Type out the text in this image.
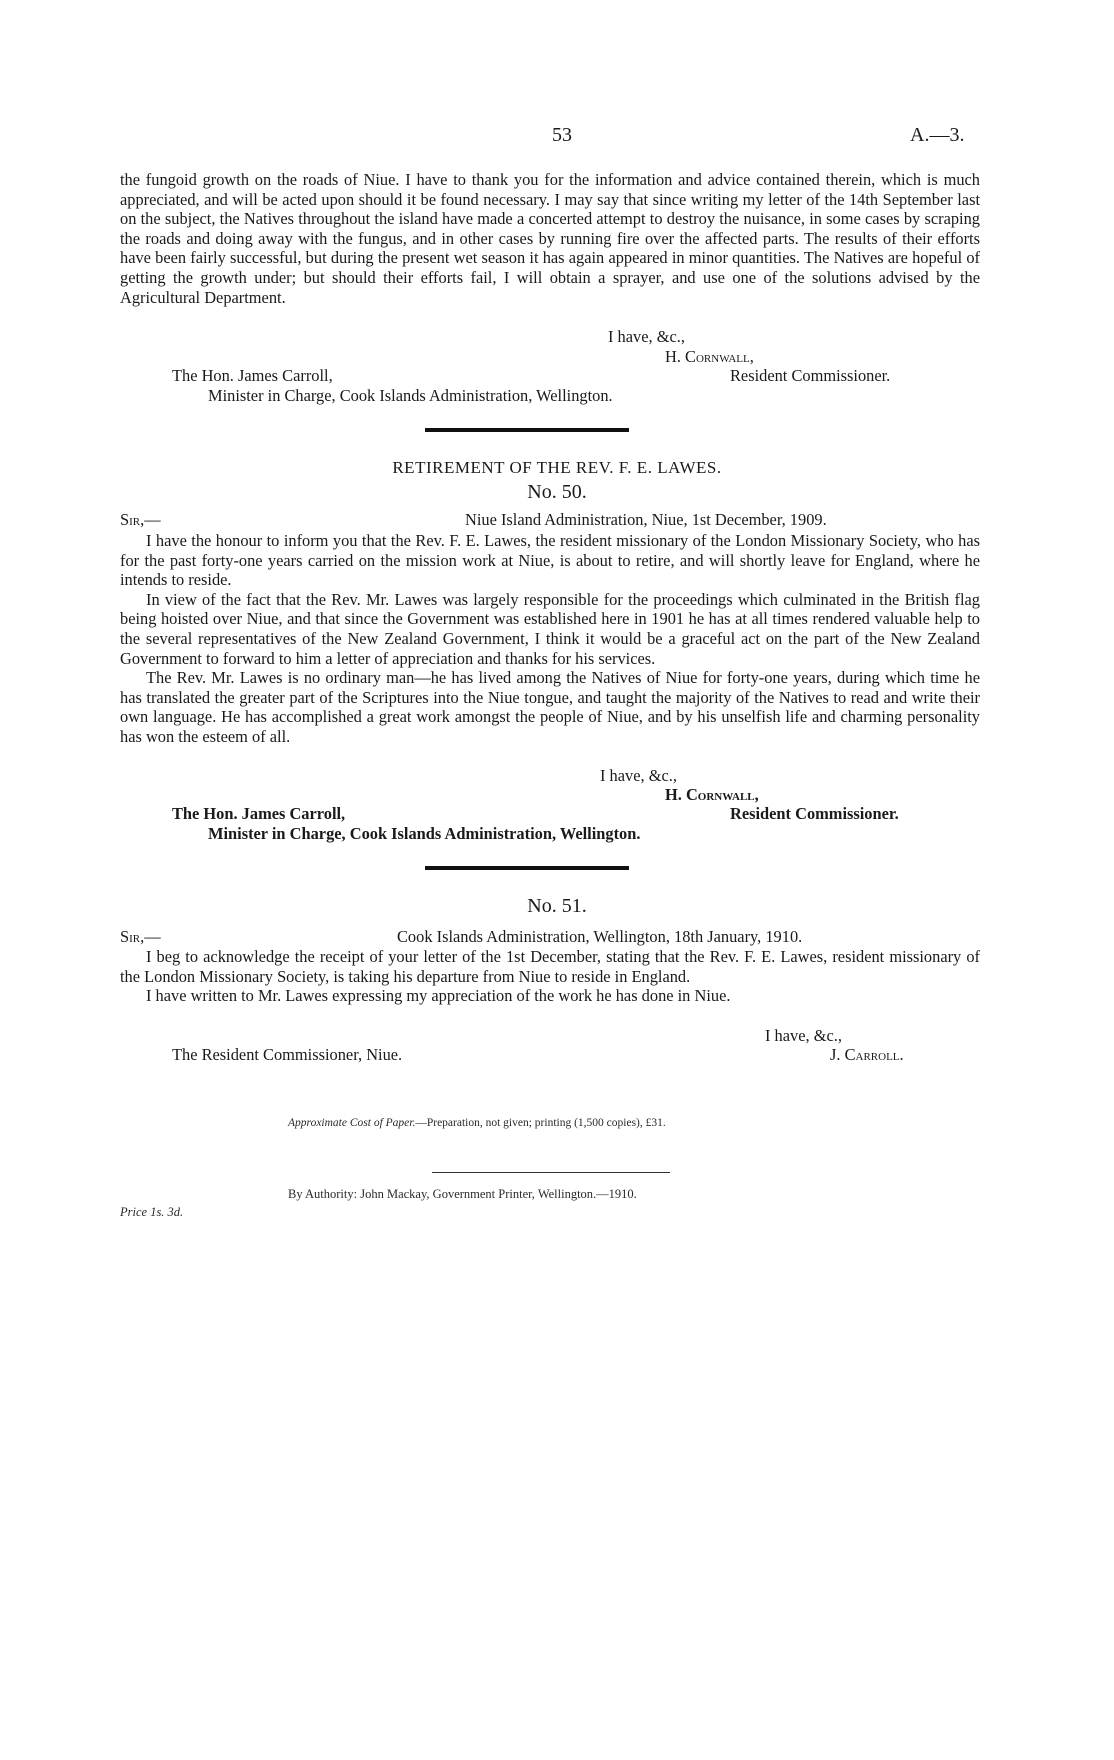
53	A.—3.

the fungoid growth on the roads of Niue. I have to thank you for the information and advice contained therein, which is much appreciated, and will be acted upon should it be found necessary. I may say that since writing my letter of the 14th September last on the subject, the Natives throughout the island have made a concerted attempt to destroy the nuisance, in some cases by scraping the roads and doing away with the fungus, and in other cases by running fire over the affected parts. The results of their efforts have been fairly successful, but during the present wet season it has again appeared in minor quantities. The Natives are hopeful of getting the growth under; but should their efforts fail, I will obtain a sprayer, and use one of the solutions advised by the Agricultural Department.

I have, &c.,
H. Cornwall,
The Hon. James Carroll,	Resident Commissioner.
Minister in Charge, Cook Islands Administration, Wellington.
RETIREMENT OF THE REV. F. E. LAWES.
No. 50.
Sir,—	Niue Island Administration, Niue, 1st December, 1909.

I have the honour to inform you that the Rev. F. E. Lawes, the resident missionary of the London Missionary Society, who has for the past forty-one years carried on the mission work at Niue, is about to retire, and will shortly leave for England, where he intends to reside.

In view of the fact that the Rev. Mr. Lawes was largely responsible for the proceedings which culminated in the British flag being hoisted over Niue, and that since the Government was established here in 1901 he has at all times rendered valuable help to the several representatives of the New Zealand Government, I think it would be a graceful act on the part of the New Zealand Government to forward to him a letter of appreciation and thanks for his services.

The Rev. Mr. Lawes is no ordinary man—he has lived among the Natives of Niue for forty-one years, during which time he has translated the greater part of the Scriptures into the Niue tongue, and taught the majority of the Natives to read and write their own language. He has accomplished a great work amongst the people of Niue, and by his unselfish life and charming personality has won the esteem of all.

I have, &c.,
H. Cornwall,
The Hon. James Carroll,	Resident Commissioner.
Minister in Charge, Cook Islands Administration, Wellington.
No. 51.
Sir,—	Cook Islands Administration, Wellington, 18th January, 1910.

I beg to acknowledge the receipt of your letter of the 1st December, stating that the Rev. F. E. Lawes, resident missionary of the London Missionary Society, is taking his departure from Niue to reside in England.

I have written to Mr. Lawes expressing my appreciation of the work he has done in Niue.

I have, &c.,
The Resident Commissioner, Niue.	J. Carroll.
Approximate Cost of Paper.—Preparation, not given; printing (1,500 copies), £31.
By Authority: John Mackay, Government Printer, Wellington.—1910.
Price 1s. 3d.
